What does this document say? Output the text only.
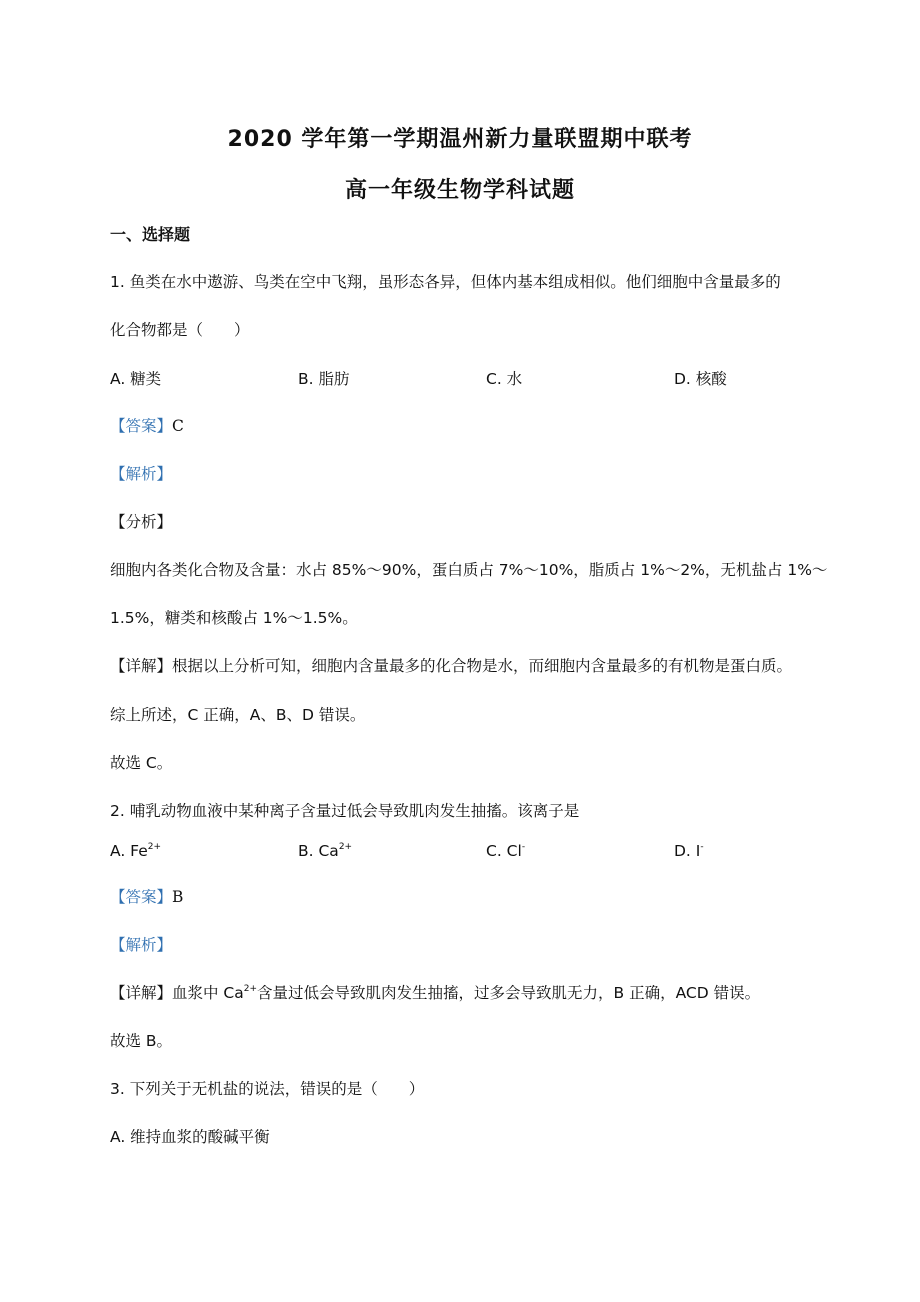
2020 学年第一学期温州新力量联盟期中联考
高一年级生物学科试题
一、选择题
1. 鱼类在水中遨游、鸟类在空中飞翔，虽形态各异，但体内基本组成相似。他们细胞中含量最多的
化合物都是（　　）
A. 糖类	B. 脂肪	C. 水	D. 核酸
【答案】C
【解析】
【分析】
细胞内各类化合物及含量：水占 85%～90%，蛋白质占 7%～10%，脂质占 1%～2%，无机盐占 1%～
1.5%，糖类和核酸占 1%～1.5%。
【详解】根据以上分析可知，细胞内含量最多的化合物是水，而细胞内含量最多的有机物是蛋白质。
综上所述，C 正确，A、B、D 错误。
故选 C。
2. 哺乳动物血液中某种离子含量过低会导致肌肉发生抽搐。该离子是
A. $Fe^{2+}$	B. $Ca^{2+}$	C. Cl-	D. I-
【答案】B
【解析】
【详解】血浆中 $Ca^{2+}$含量过低会导致肌肉发生抽搐，过多会导致肌无力，B 正确，ACD 错误。
故选 B。
3. 下列关于无机盐的说法，错误的是（　　）
A. 维持血浆的酸碱平衡
